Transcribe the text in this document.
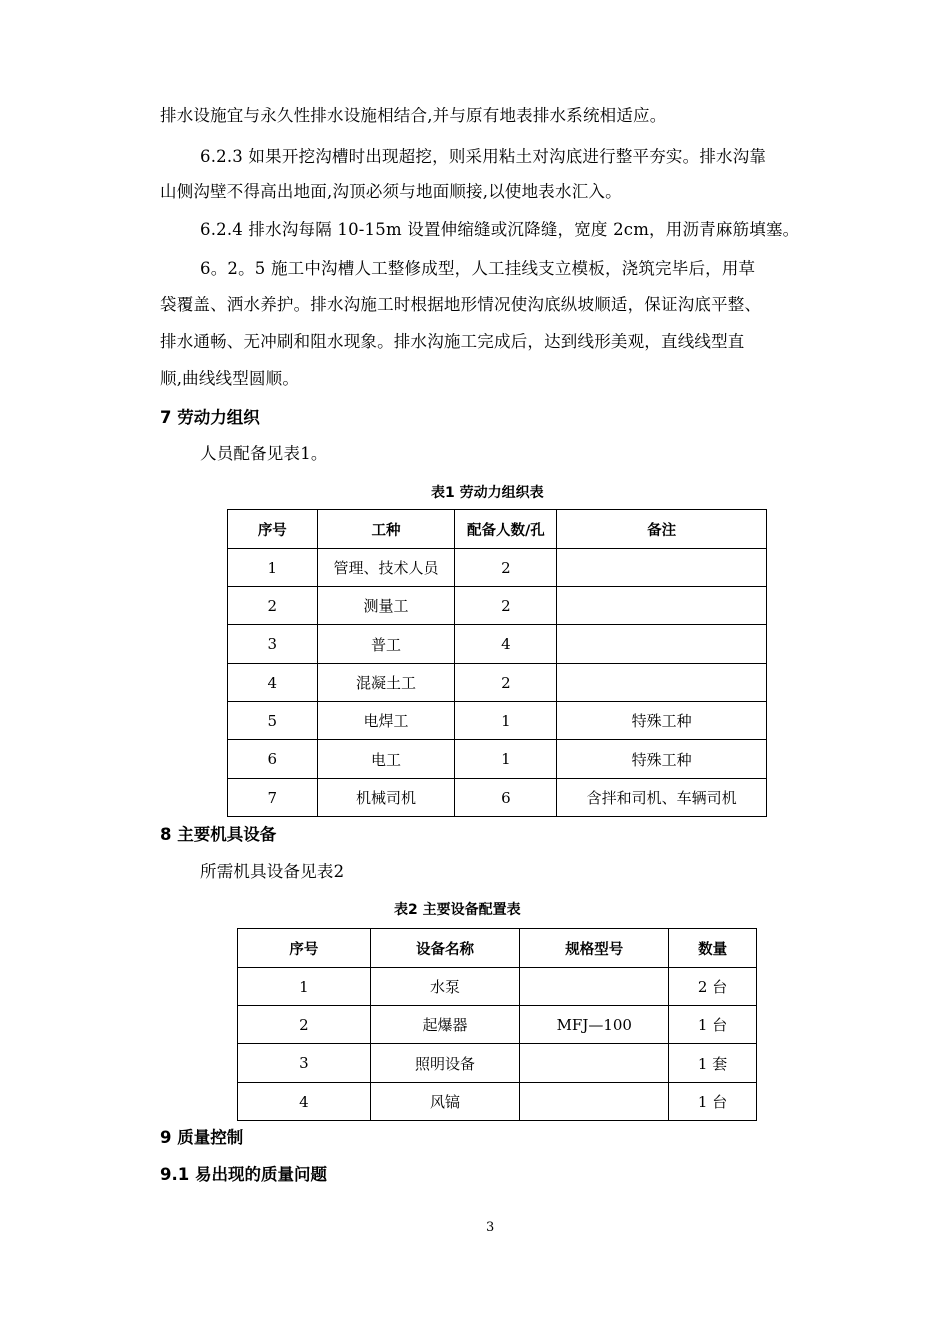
排水设施宜与永久性排水设施相结合,并与原有地表排水系统相适应。
6.2.3 如果开挖沟槽时出现超挖，则采用粘土对沟底进行整平夯实。排水沟靠
山侧沟壁不得高出地面,沟顶必须与地面顺接,以使地表水汇入。
6.2.4 排水沟每隔 10-15m 设置伸缩缝或沉降缝，宽度 2cm，用沥青麻筋填塞。
6。2。5 施工中沟槽人工整修成型，人工挂线支立模板，浇筑完毕后，用草
袋覆盖、洒水养护。排水沟施工时根据地形情况使沟底纵坡顺适，保证沟底平整、
排水通畅、无冲刷和阻水现象。排水沟施工完成后，达到线形美观，直线线型直
顺,曲线线型圆顺。
7 劳动力组织
人员配备见表1。
表1 劳动力组织表
序号	工种	配备人数/孔	备注
1	管理、技术人员	2	
2	测量工	2	
3	普工	4	
4	混凝土工	2	
5	电焊工	1	特殊工种
6	电工	1	特殊工种
7	机械司机	6	含拌和司机、车辆司机
8 主要机具设备
所需机具设备见表2
表2 主要设备配置表
序号	设备名称	规格型号	数量
1	水泵		2 台
2	起爆器	MFJ—100	1 台
3	照明设备		1 套
4	风镐		1 台
9 质量控制
9.1 易出现的质量问题
3
